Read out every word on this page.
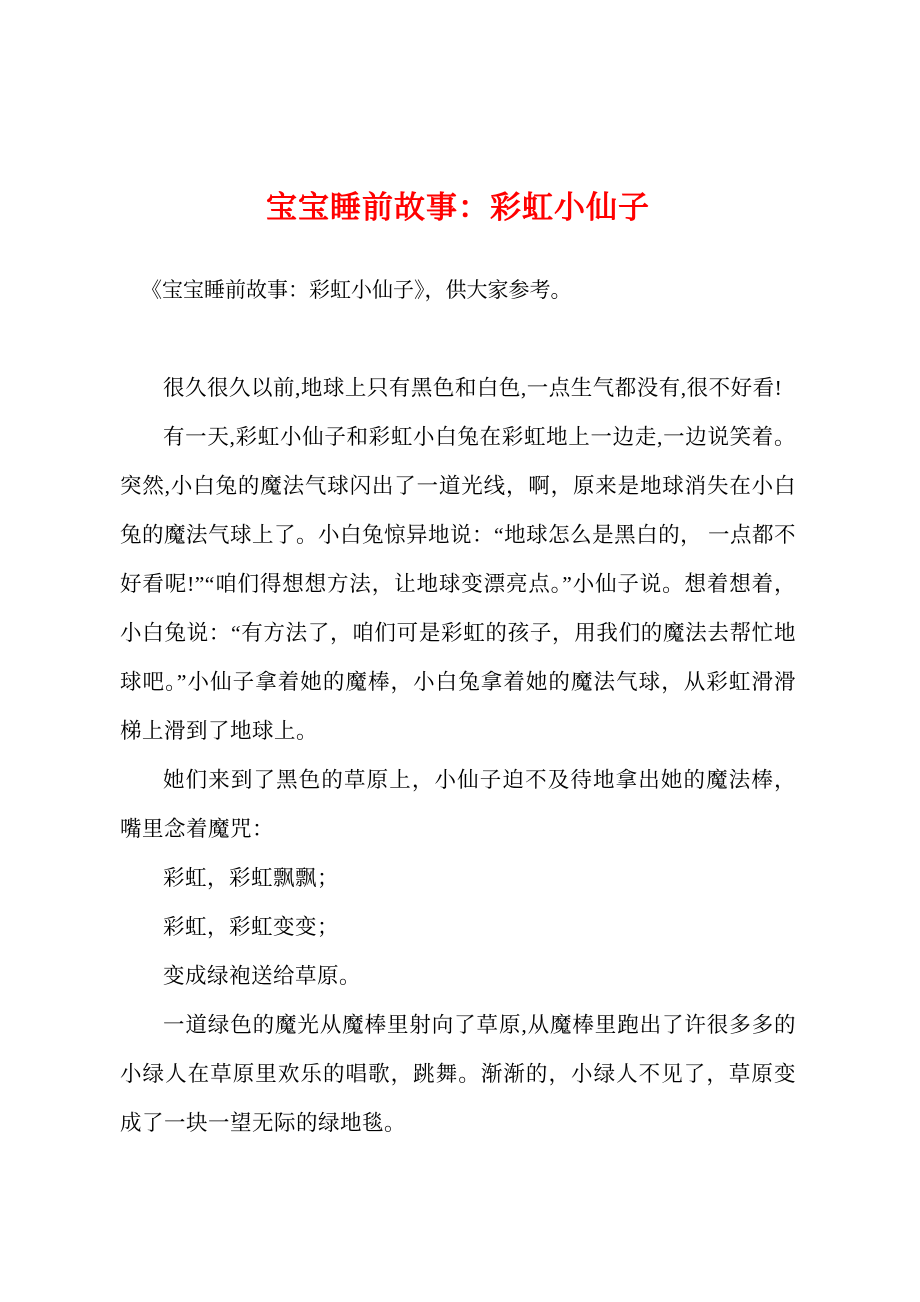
宝宝睡前故事：彩虹小仙子

《宝宝睡前故事：彩虹小仙子》，供大家参考。

很久很久以前,地球上只有黑色和白色,一点生气都没有,很不好看!

有一天,彩虹小仙子和彩虹小白兔在彩虹地上一边走,一边说笑着。突然,小白兔的魔法气球闪出了一道光线，啊，原来是地球消失在小白兔的魔法气球上了。小白兔惊异地说：“地球怎么是黑白的， 一点都不好看呢!”“咱们得想想方法，让地球变漂亮点。”小仙子说。想着想着，小白兔说：“有方法了，咱们可是彩虹的孩子，用我们的魔法去帮忙地球吧。”小仙子拿着她的魔棒，小白兔拿着她的魔法气球，从彩虹滑滑梯上滑到了地球上。

她们来到了黑色的草原上，小仙子迫不及待地拿出她的魔法棒，嘴里念着魔咒：

彩虹，彩虹飘飘；

彩虹，彩虹变变；

变成绿袍送给草原。

一道绿色的魔光从魔棒里射向了草原,从魔棒里跑出了许很多多的小绿人在草原里欢乐的唱歌，跳舞。渐渐的，小绿人不见了，草原变成了一块一望无际的绿地毯。
